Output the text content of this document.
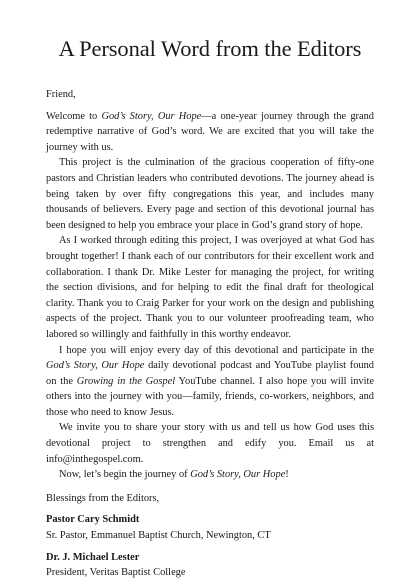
A Personal Word from the Editors

Friend,

Welcome to God’s Story, Our Hope—a one-year journey through the grand redemptive narrative of God’s word. We are excited that you will take the journey with us.

This project is the culmination of the gracious cooperation of fifty-one pastors and Christian leaders who contributed devotions. The journey ahead is being taken by over fifty congregations this year, and includes many thousands of believers. Every page and section of this devotional journal has been designed to help you embrace your place in God’s grand story of hope.

As I worked through editing this project, I was overjoyed at what God has brought together! I thank each of our contributors for their excellent work and collaboration. I thank Dr. Mike Lester for managing the project, for writing the section divisions, and for helping to edit the final draft for theological clarity. Thank you to Craig Parker for your work on the design and publishing aspects of the project. Thank you to our volunteer proofreading team, who labored so willingly and faithfully in this worthy endeavor.

I hope you will enjoy every day of this devotional and participate in the God’s Story, Our Hope daily devotional podcast and YouTube playlist found on the Growing in the Gospel YouTube channel. I also hope you will invite others into the journey with you—family, friends, co-workers, neighbors, and those who need to know Jesus.

We invite you to share your story with us and tell us how God uses this devotional project to strengthen and edify you. Email us at info@inthegospel.com.

Now, let’s begin the journey of God’s Story, Our Hope!

Blessings from the Editors,

Pastor Cary Schmidt

Sr. Pastor, Emmanuel Baptist Church, Newington, CT

Dr. J. Michael Lester

President, Veritas Baptist College
